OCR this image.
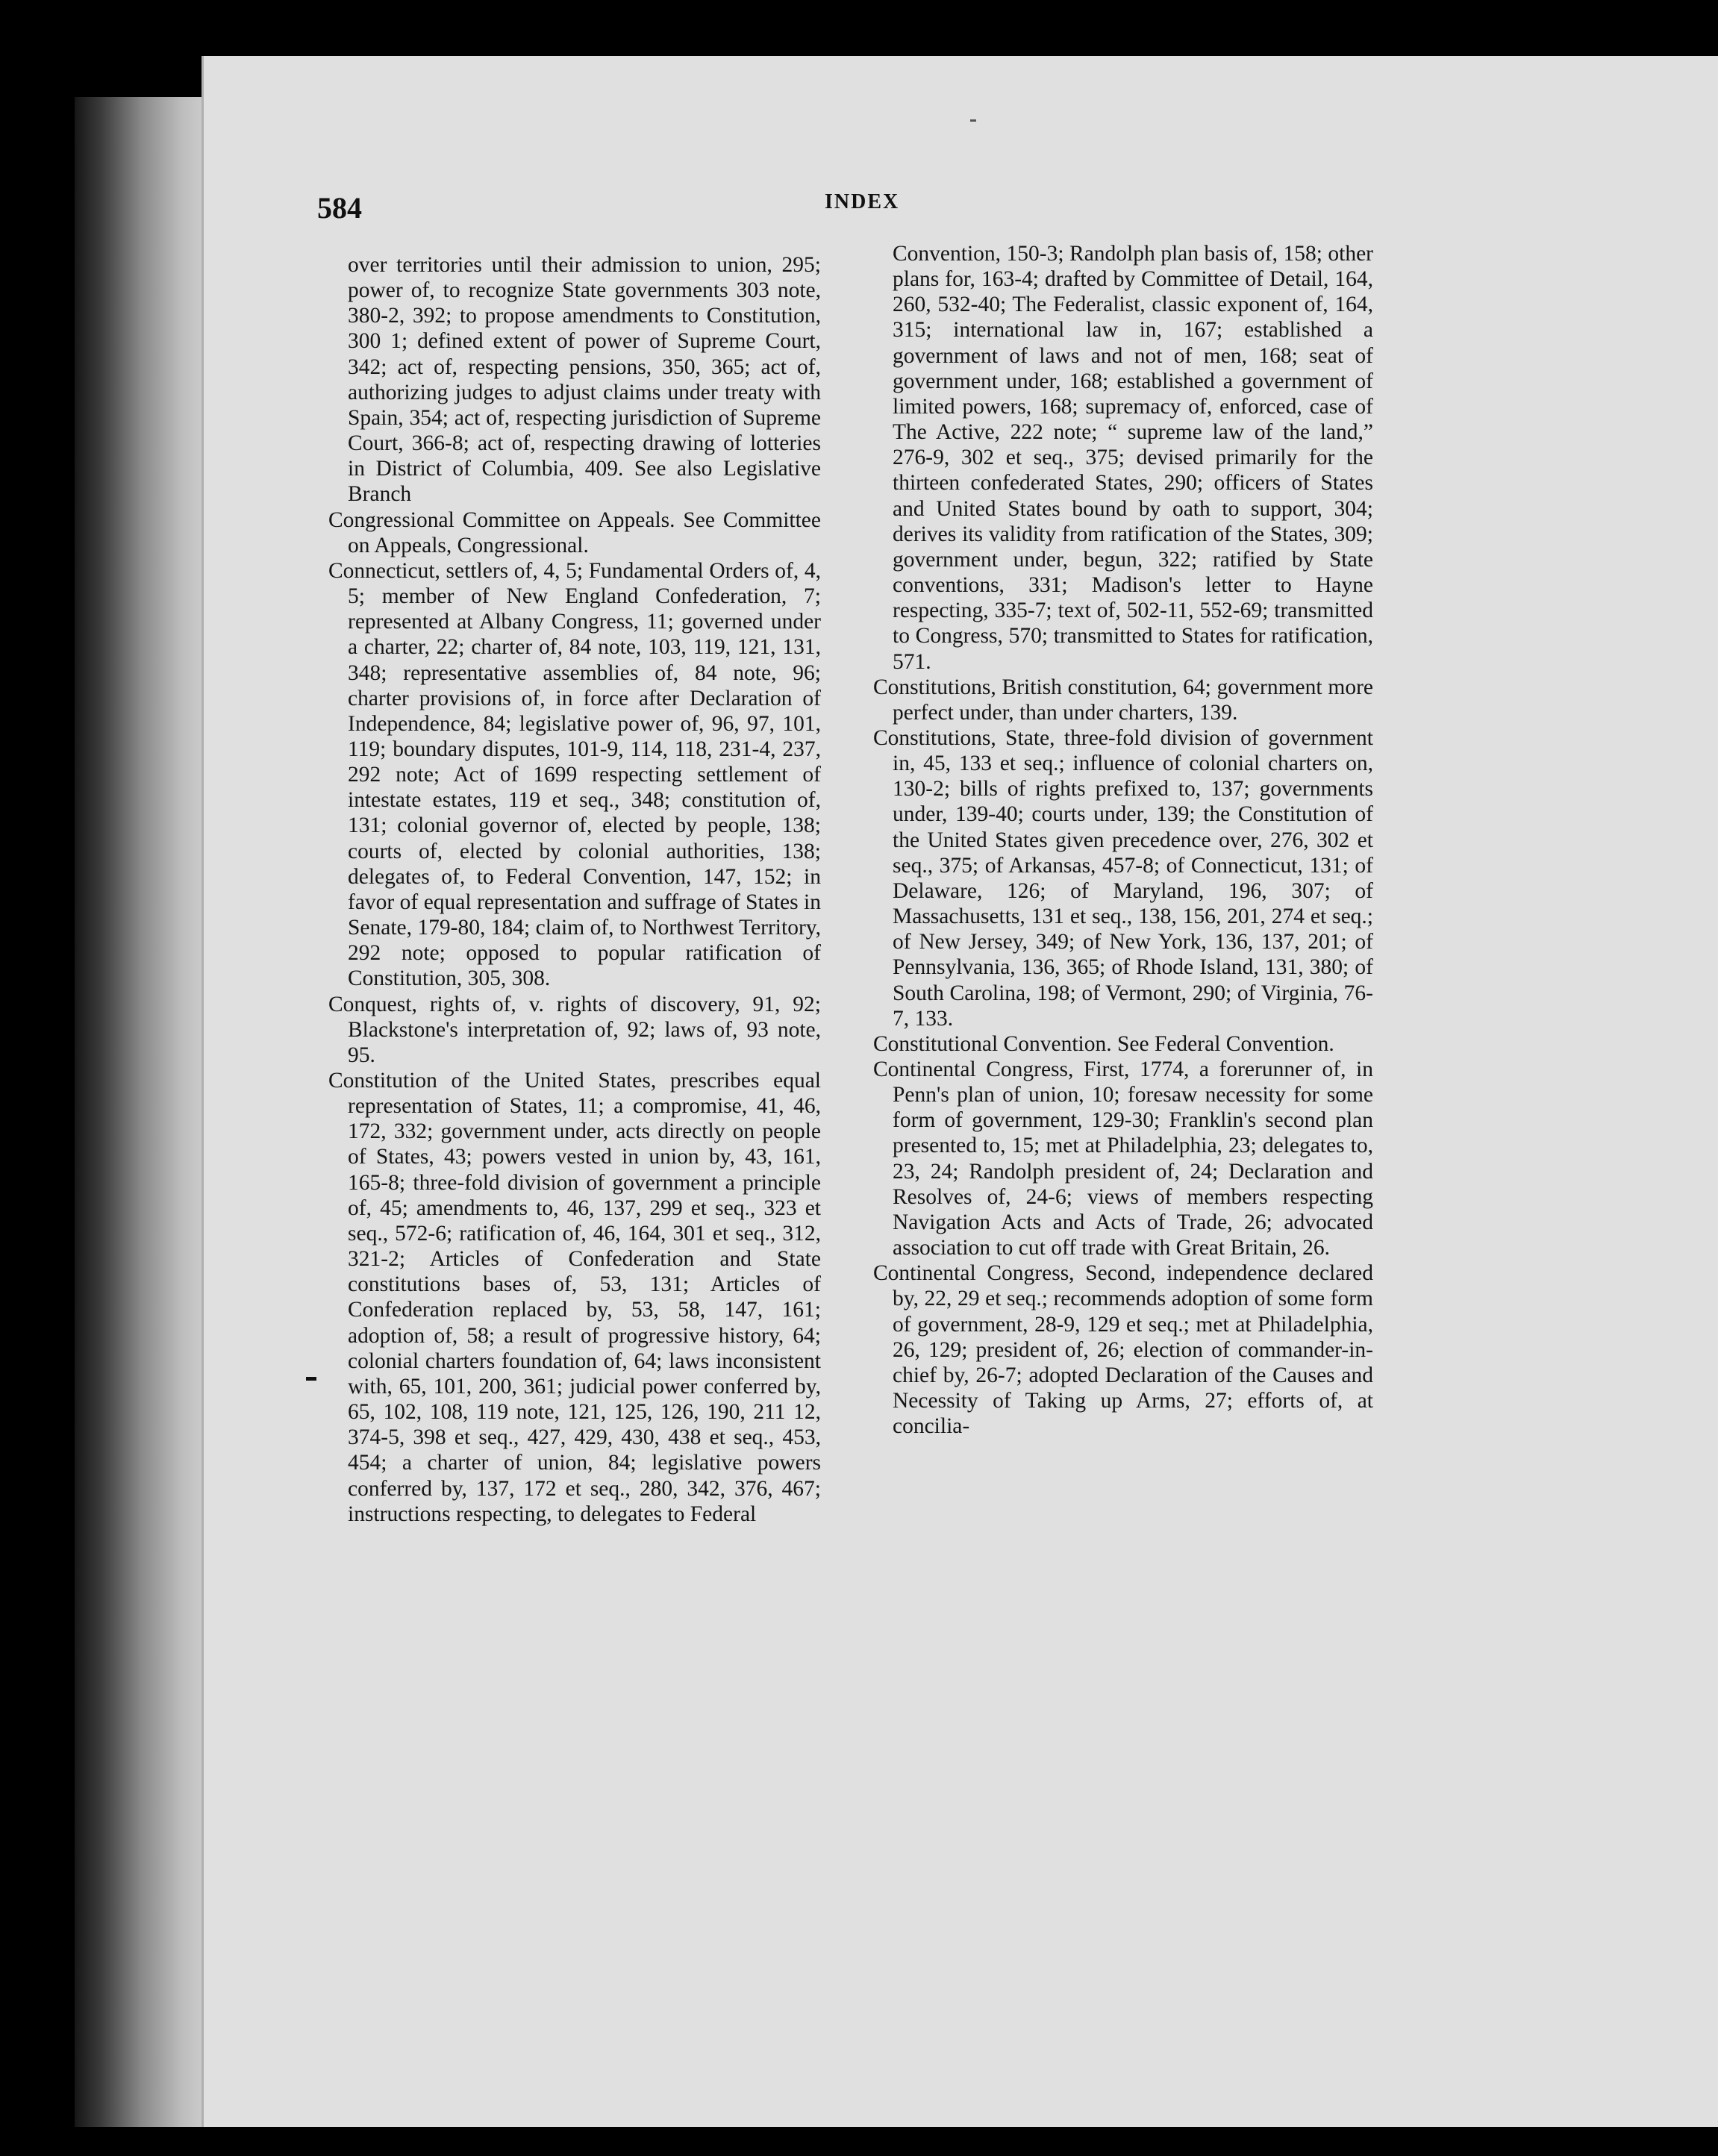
584	INDEX

over territories until their admission to union, 295; power of, to recognize State governments 303 note, 380-2, 392; to propose amendments to Constitution, 300 1; defined extent of power of Supreme Court, 342; act of, respecting pensions, 350, 365; act of, authorizing judges to adjust claims under treaty with Spain, 354; act of, respecting jurisdiction of Supreme Court, 366-8; act of, respecting drawing of lotteries in District of Columbia, 409. See also Legislative Branch

Congressional Committee on Appeals. See Committee on Appeals, Congressional.

Connecticut, settlers of, 4, 5; Fundamental Orders of, 4, 5; member of New England Confederation, 7; represented at Albany Congress, 11; governed under a charter, 22; charter of, 84 note, 103, 119, 121, 131, 348; representative assemblies of, 84 note, 96; charter provisions of, in force after Declaration of Independence, 84; legislative power of, 96, 97, 101, 119; boundary disputes, 101-9, 114, 118, 231-4, 237, 292 note; Act of 1699 respecting settlement of intestate estates, 119 et seq., 348; constitution of, 131; colonial governor of, elected by people, 138; courts of, elected by colonial authorities, 138; delegates of, to Federal Convention, 147, 152; in favor of equal representation and suffrage of States in Senate, 179-80, 184; claim of, to Northwest Territory, 292 note; opposed to popular ratification of Constitution, 305, 308.

Conquest, rights of, v. rights of discovery, 91, 92; Blackstone's interpretation of, 92; laws of, 93 note, 95.

Constitution of the United States, prescribes equal representation of States, 11; a compromise, 41, 46, 172, 332; government under, acts directly on people of States, 43; powers vested in union by, 43, 161, 165-8; three-fold division of government a principle of, 45; amendments to, 46, 137, 299 et seq., 323 et seq., 572-6; ratification of, 46, 164, 301 et seq., 312, 321-2; Articles of Confederation and State constitutions bases of, 53, 131; Articles of Confederation replaced by, 53, 58, 147, 161; adoption of, 58; a result of progressive history, 64; colonial charters foundation of, 64; laws inconsistent with, 65, 101, 200, 361; judicial power conferred by, 65, 102, 108, 119 note, 121, 125, 126, 190, 211 12, 374-5, 398 et seq., 427, 429, 430, 438 et seq., 453, 454; a charter of union, 84; legislative powers conferred by, 137, 172 et seq., 280, 342, 376, 467; instructions respecting, to delegates to Federal

Convention, 150-3; Randolph plan basis of, 158; other plans for, 163-4; drafted by Committee of Detail, 164, 260, 532-40; The Federalist, classic exponent of, 164, 315; international law in, 167; established a government of laws and not of men, 168; seat of government under, 168; established a government of limited powers, 168; supremacy of, enforced, case of The Active, 222 note; “ supreme law of the land,” 276-9, 302 et seq., 375; devised primarily for the thirteen confederated States, 290; officers of States and United States bound by oath to support, 304; derives its validity from ratification of the States, 309; government under, begun, 322; ratified by State conventions, 331; Madison's letter to Hayne respecting, 335-7; text of, 502-11, 552-69; transmitted to Congress, 570; transmitted to States for ratification, 571.

Constitutions, British constitution, 64; government more perfect under, than under charters, 139.

Constitutions, State, three-fold division of government in, 45, 133 et seq.; influence of colonial charters on, 130-2; bills of rights prefixed to, 137; governments under, 139-40; courts under, 139; the Constitution of the United States given precedence over, 276, 302 et seq., 375; of Arkansas, 457-8; of Connecticut, 131; of Delaware, 126; of Maryland, 196, 307; of Massachusetts, 131 et seq., 138, 156, 201, 274 et seq.; of New Jersey, 349; of New York, 136, 137, 201; of Pennsylvania, 136, 365; of Rhode Island, 131, 380; of South Carolina, 198; of Vermont, 290; of Virginia, 76-7, 133.

Constitutional Convention. See Federal Convention.

Continental Congress, First, 1774, a forerunner of, in Penn's plan of union, 10; foresaw necessity for some form of government, 129-30; Franklin's second plan presented to, 15; met at Philadelphia, 23; delegates to, 23, 24; Randolph president of, 24; Declaration and Resolves of, 24-6; views of members respecting Navigation Acts and Acts of Trade, 26; advocated association to cut off trade with Great Britain, 26.

Continental Congress, Second, independence declared by, 22, 29 et seq.; recommends adoption of some form of government, 28-9, 129 et seq.; met at Philadelphia, 26, 129; president of, 26; election of commander-in-chief by, 26-7; adopted Declaration of the Causes and Necessity of Taking up Arms, 27; efforts of, at concilia-
